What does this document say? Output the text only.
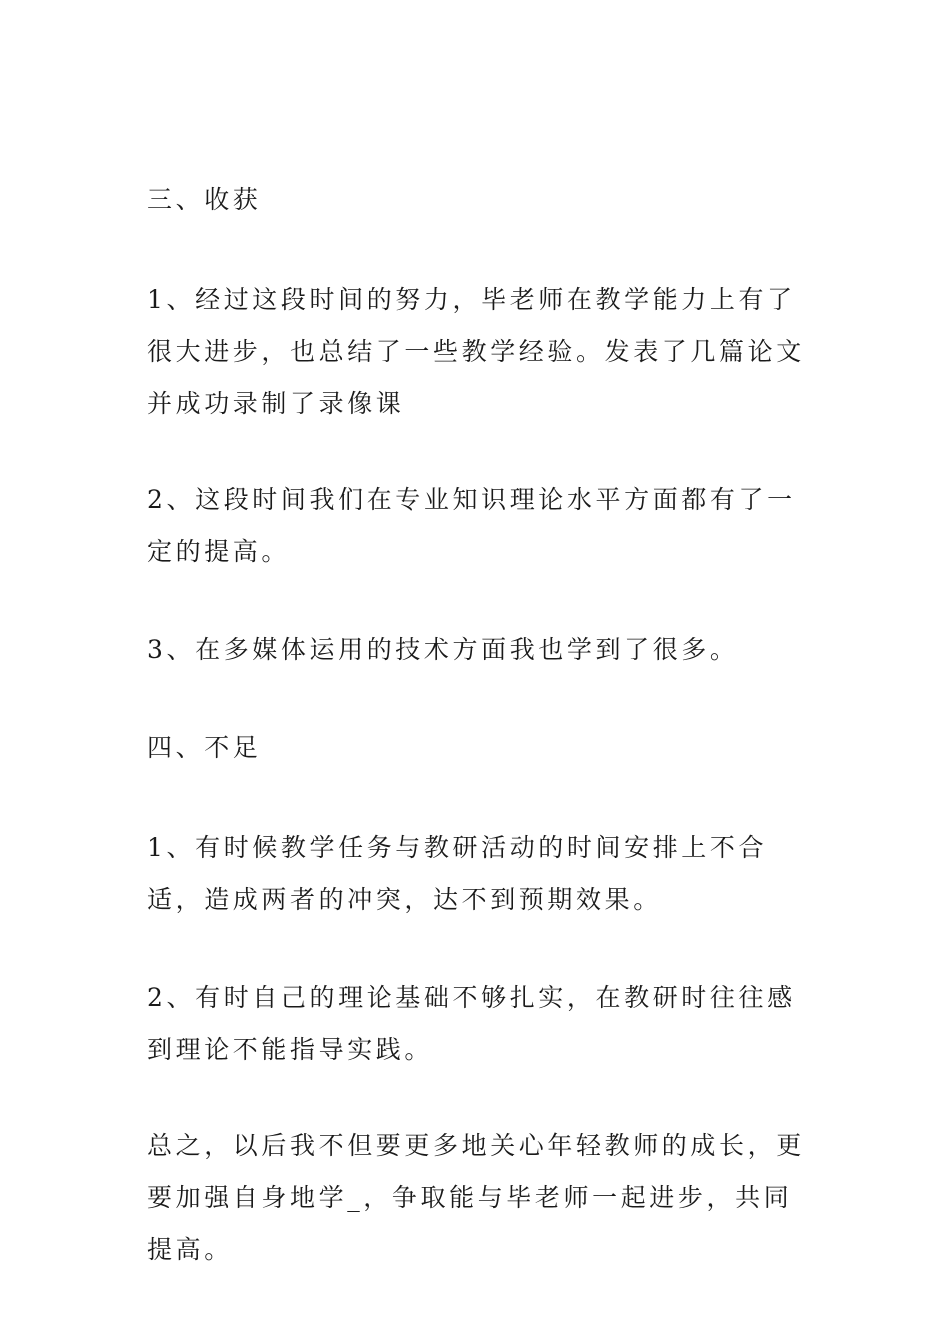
三、收获

1、经过这段时间的努力，毕老师在教学能力上有了很大进步，也总结了一些教学经验。发表了几篇论文并成功录制了录像课

2、这段时间我们在专业知识理论水平方面都有了一定的提高。

3、在多媒体运用的技术方面我也学到了很多。

四、不足

1、有时候教学任务与教研活动的时间安排上不合适，造成两者的冲突，达不到预期效果。

2、有时自己的理论基础不够扎实，在教研时往往感到理论不能指导实践。

总之，以后我不但要更多地关心年轻教师的成长，更要加强自身地学_，争取能与毕老师一起进步，共同提高。
